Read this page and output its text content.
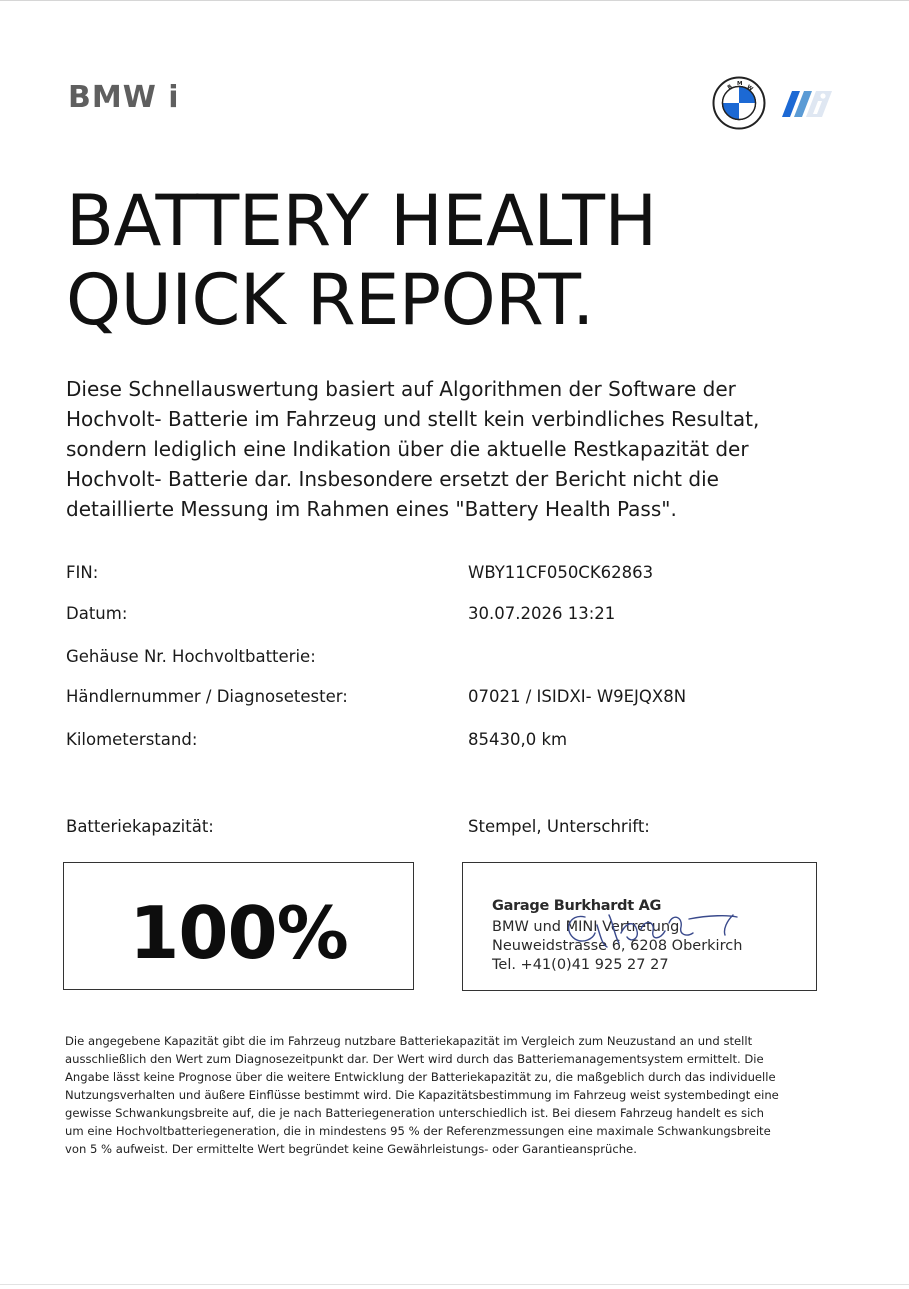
BMW i	B
M
W
BATTERY HEALTH
QUICK REPORT.

Diese Schnellauswertung basiert auf Algorithmen der Software der
Hochvolt- Batterie im Fahrzeug und stellt kein verbindliches Resultat,
sondern lediglich eine Indikation über die aktuelle Restkapazität der
Hochvolt- Batterie dar. Insbesondere ersetzt der Bericht nicht die
detaillierte Messung im Rahmen eines "Battery Health Pass".

FIN:	WBY11CF050CK62863
Datum:	30.07.2026 13:21
Gehäuse Nr. Hochvoltbatterie:
Händlernummer / Diagnosetester:	07021 / ISIDXI- W9EJQX8N
Kilometerstand:	85430,0 km
Batteriekapazität:	Stempel, Unterschrift:
100%	Garage Burkhardt AG
BMW und MINI Vertretung
Neuweidstrasse 6, 6208 Oberkirch
Tel. +41(0)41 925 27 27

Die angegebene Kapazität gibt die im Fahrzeug nutzbare Batteriekapazität im Vergleich zum Neuzustand an und stellt
ausschließlich den Wert zum Diagnosezeitpunkt dar. Der Wert wird durch das Batteriemanagementsystem ermittelt. Die
Angabe lässt keine Prognose über die weitere Entwicklung der Batteriekapazität zu, die maßgeblich durch das individuelle
Nutzungsverhalten und äußere Einflüsse bestimmt wird. Die Kapazitätsbestimmung im Fahrzeug weist systembedingt eine
gewisse Schwankungsbreite auf, die je nach Batteriegeneration unterschiedlich ist. Bei diesem Fahrzeug handelt es sich
um eine Hochvoltbatteriegeneration, die in mindestens 95 % der Referenzmessungen eine maximale Schwankungsbreite
von 5 % aufweist. Der ermittelte Wert begründet keine Gewährleistungs- oder Garantieansprüche.
